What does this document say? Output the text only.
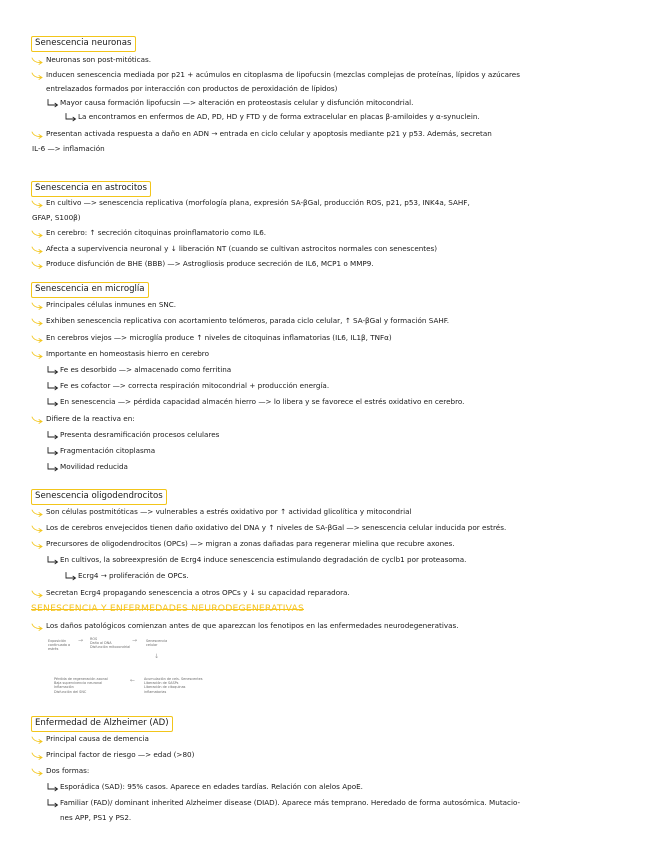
Senescencia neuronas
Senescencia en astrocitos
Senescencia en microglía
Senescencia oligodendrocitos
Enfermedad de Alzheimer (AD)
SENESCENCIA Y ENFERMEDADES NEURODEGENERATIVAS
Neuronas son post-mitóticas.
Inducen senescencia mediada por p21 + acúmulos en citoplasma de lipofucsin (mezclas complejas de proteínas, lípidos y azúcares
entrelazados formados por interacción con productos de peroxidación de lípidos)
Mayor causa formación lipofucsin —> alteración en proteostasis celular y disfunción mitocondrial.
La encontramos en enfermos de AD, PD, HD y FTD y de forma extracelular en placas β-amiloides y α-synuclein.
Presentan activada respuesta a daño en ADN → entrada en ciclo celular y apoptosis mediante p21 y p53. Además, secretan
IL-6 —> inflamación
En cultivo —> senescencia replicativa (morfología plana, expresión SA-βGal, producción ROS, p21, p53, INK4a, SAHF,
GFAP, S100β)
En cerebro: ↑ secreción citoquinas proinflamatorio como IL6.
Afecta a supervivencia neuronal y ↓ liberación NT (cuando se cultivan astrocitos normales con senescentes)
Produce disfunción de BHE (BBB) —> Astrogliosis produce secreción de IL6, MCP1 o MMP9.
Principales células inmunes en SNC.
Exhiben senescencia replicativa con acortamiento telómeros, parada ciclo celular, ↑ SA-βGal y formación SAHF.
En cerebros viejos —> microglía produce ↑ niveles de citoquinas inflamatorias (IL6, IL1β, TNFα)
Importante en homeostasis hierro en cerebro
Fe es desorbido —> almacenado como ferritina
Fe es cofactor —> correcta respiración mitocondrial + producción energía.
En senescencia —> pérdida capacidad almacén hierro —> lo libera y se favorece el estrés oxidativo en cerebro.
Difiere de la reactiva en:
Presenta desramificación procesos celulares
Fragmentación citoplasma
Movilidad reducida
Son células postmitóticas —> vulnerables a estrés oxidativo por ↑ actividad glicolítica y mitocondrial
Los de cerebros envejecidos tienen daño oxidativo del DNA y ↑ niveles de SA-βGal —> senescencia celular inducida por estrés.
Precursores de oligodendrocitos (OPCs) —> migran a zonas dañadas para regenerar mielina que recubre axones.
En cultivos, la sobreexpresión de Ecrg4 induce senescencia estimulando degradación de cyclb1 por proteasoma.
Ecrg4 → proliferación de OPCs.
Secretan Ecrg4 propagando senescencia a otros OPCs y ↓ su capacidad reparadora.
Los daños patológicos comienzan antes de que aparezcan los fenotipos en las enfermedades neurodegenerativas.
Principal causa de demencia
Principal factor de riesgo —> edad (>80)
Dos formas:
Esporádica (SAD): 95% casos. Aparece en edades tardías. Relación con alelos ApoE.
Familiar (FAD)/ dominant inherited Alzheimer disease (DIAD). Aparece más temprano. Heredado de forma autosómica. Mutacio-
nes APP, PS1 y PS2.
Exposición
continuada a
estrés
ROS
Daño al DNA
Disfunción mitocondrial
Senescencia
celular
Acumulación de cels. Senescentes
Liberación de SASPs
Liberación de citoquinas
inflamatorias
Pérdida de regeneración axonal
Baja supervivencia neuronal
Inflamación
Disfunción del SNC
→	→
↓
←
